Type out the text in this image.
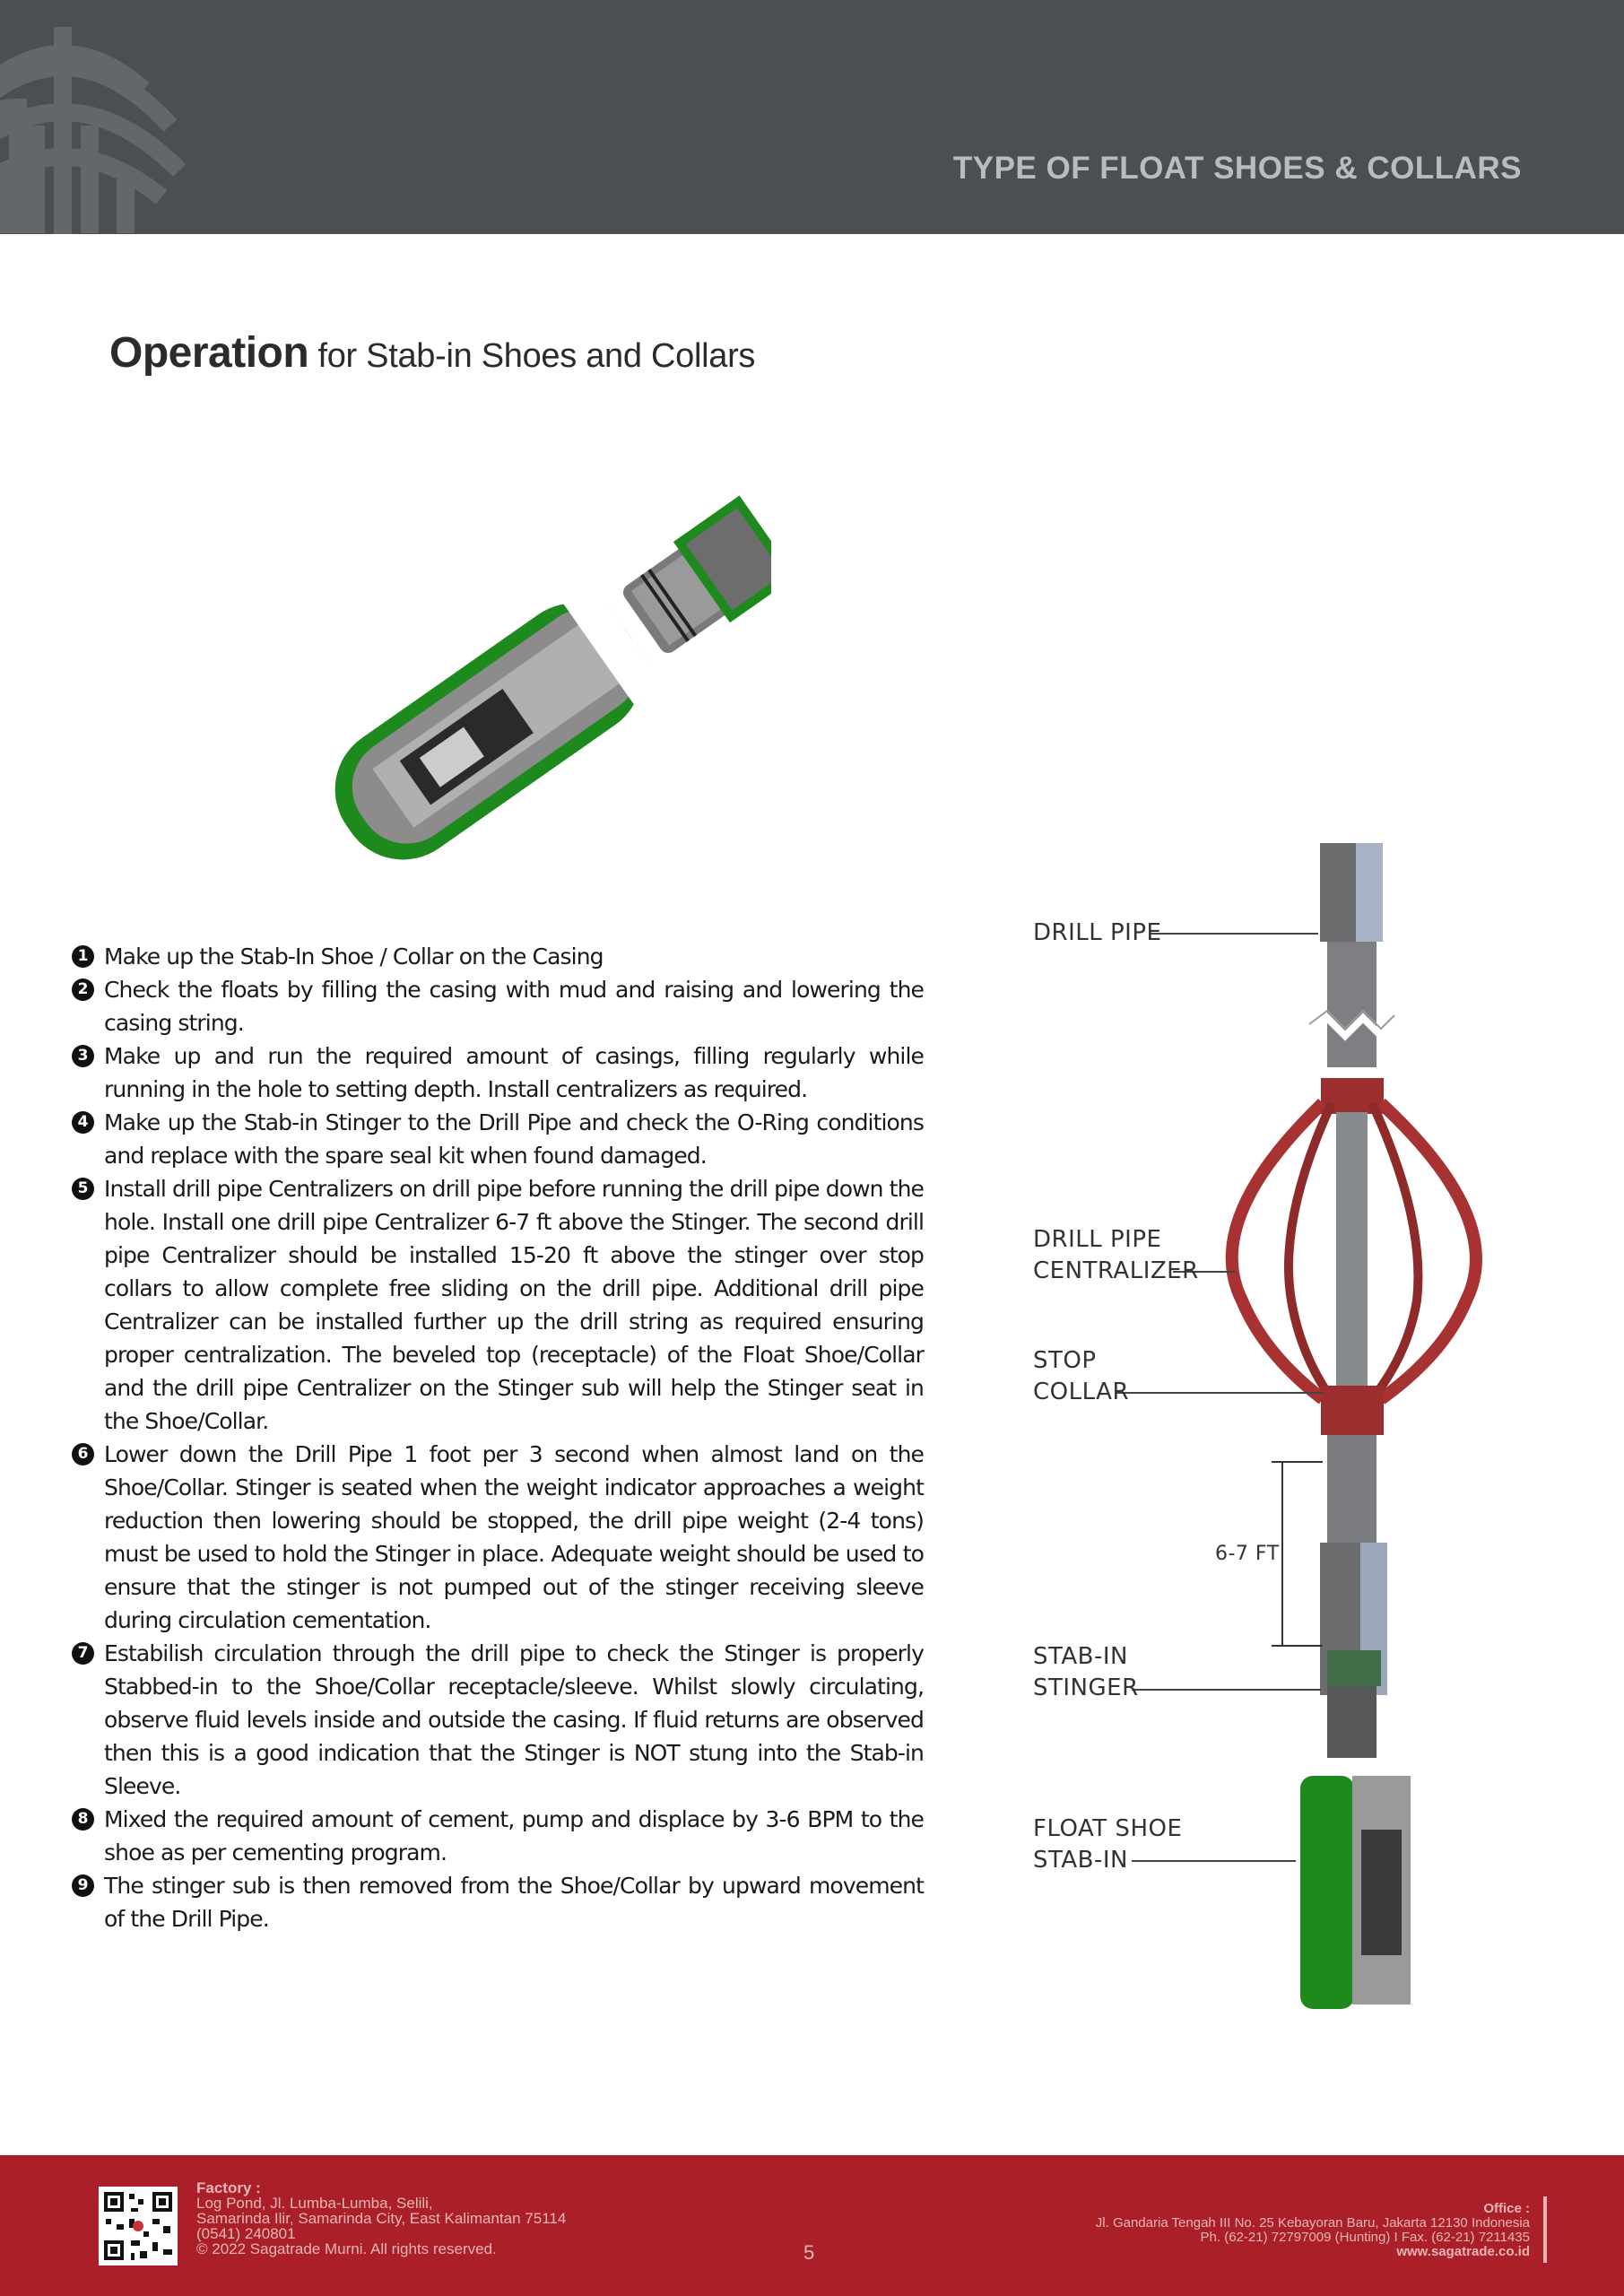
TYPE OF FLOAT SHOES & COLLARS
Operation for Stab-in Shoes and Collars
1 Make up the Stab-In Shoe / Collar on the Casing
2 Check the floats by filling the casing with mud and raising and lowering the casing string.
3 Make up and run the required amount of casings, filling regularly while running in the hole to setting depth. Install centralizers as required.
4 Make up the Stab-in Stinger to the Drill Pipe and check the O-Ring conditions and replace with the spare seal kit when found damaged.
5 Install drill pipe Centralizers on drill pipe before running the drill pipe down the hole. Install one drill pipe Centralizer 6-7 ft above the Stinger. The second drill pipe Centralizer should be installed 15-20 ft above the stinger over stop collars to allow complete free sliding on the drill pipe. Additional drill pipe Centralizer can be installed further up the drill string as required ensuring proper centralization. The beveled top (receptacle) of the Float Shoe/Collar and the drill pipe Centralizer on the Stinger sub will help the Stinger seat in the Shoe/Collar.
6 Lower down the Drill Pipe 1 foot per 3 second when almost land on the Shoe/Collar. Stinger is seated when the weight indicator approaches a weight reduction then lowering should be stopped, the drill pipe weight (2-4 tons) must be used to hold the Stinger in place. Adequate weight should be used to ensure that the stinger is not pumped out of the stinger receiving sleeve during circulation cementation.
7 Estabilish circulation through the drill pipe to check the Stinger is properly Stabbed-in to the Shoe/Collar receptacle/sleeve. Whilst slowly circulating, observe fluid levels inside and outside the casing. If fluid returns are observed then this is a good indication that the Stinger is NOT stung into the Stab-in Sleeve.
8 Mixed the required amount of cement, pump and displace by 3-6 BPM to the shoe as per cementing program.
9 The stinger sub is then removed from the Shoe/Collar by upward movement of the Drill Pipe.
DRILL PIPE
DRILL PIPE
CENTRALIZER
STOP
COLLAR
6-7 FT
STAB-IN
STINGER
FLOAT SHOE
STAB-IN
Factory :
Log Pond, Jl. Lumba-Lumba, Selili,
Samarinda Ilir, Samarinda City, East Kalimantan 75114
(0541) 240801
© 2022 Sagatrade Murni. All rights reserved.	5
Office :
Jl. Gandaria Tengah III No. 25 Kebayoran Baru, Jakarta 12130 Indonesia
Ph. (62-21) 72797009 (Hunting) I Fax. (62-21) 7211435
www.sagatrade.co.id
